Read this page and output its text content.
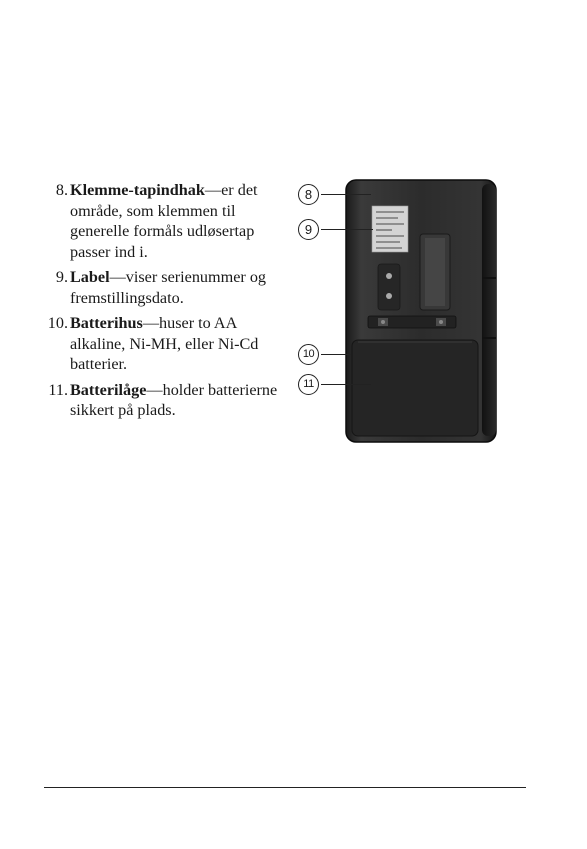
8. Klemme-tapindhak—er det område, som klemmen til generelle formåls udløsertap passer ind i.
9. Label—viser serienummer og fremstillingsdato.
10. Batterihus—huser to AA alkaline, Ni-MH, eller Ni-Cd batterier.
11. Batterilåge—holder batterierne sikkert på plads.
8
9
10
11
